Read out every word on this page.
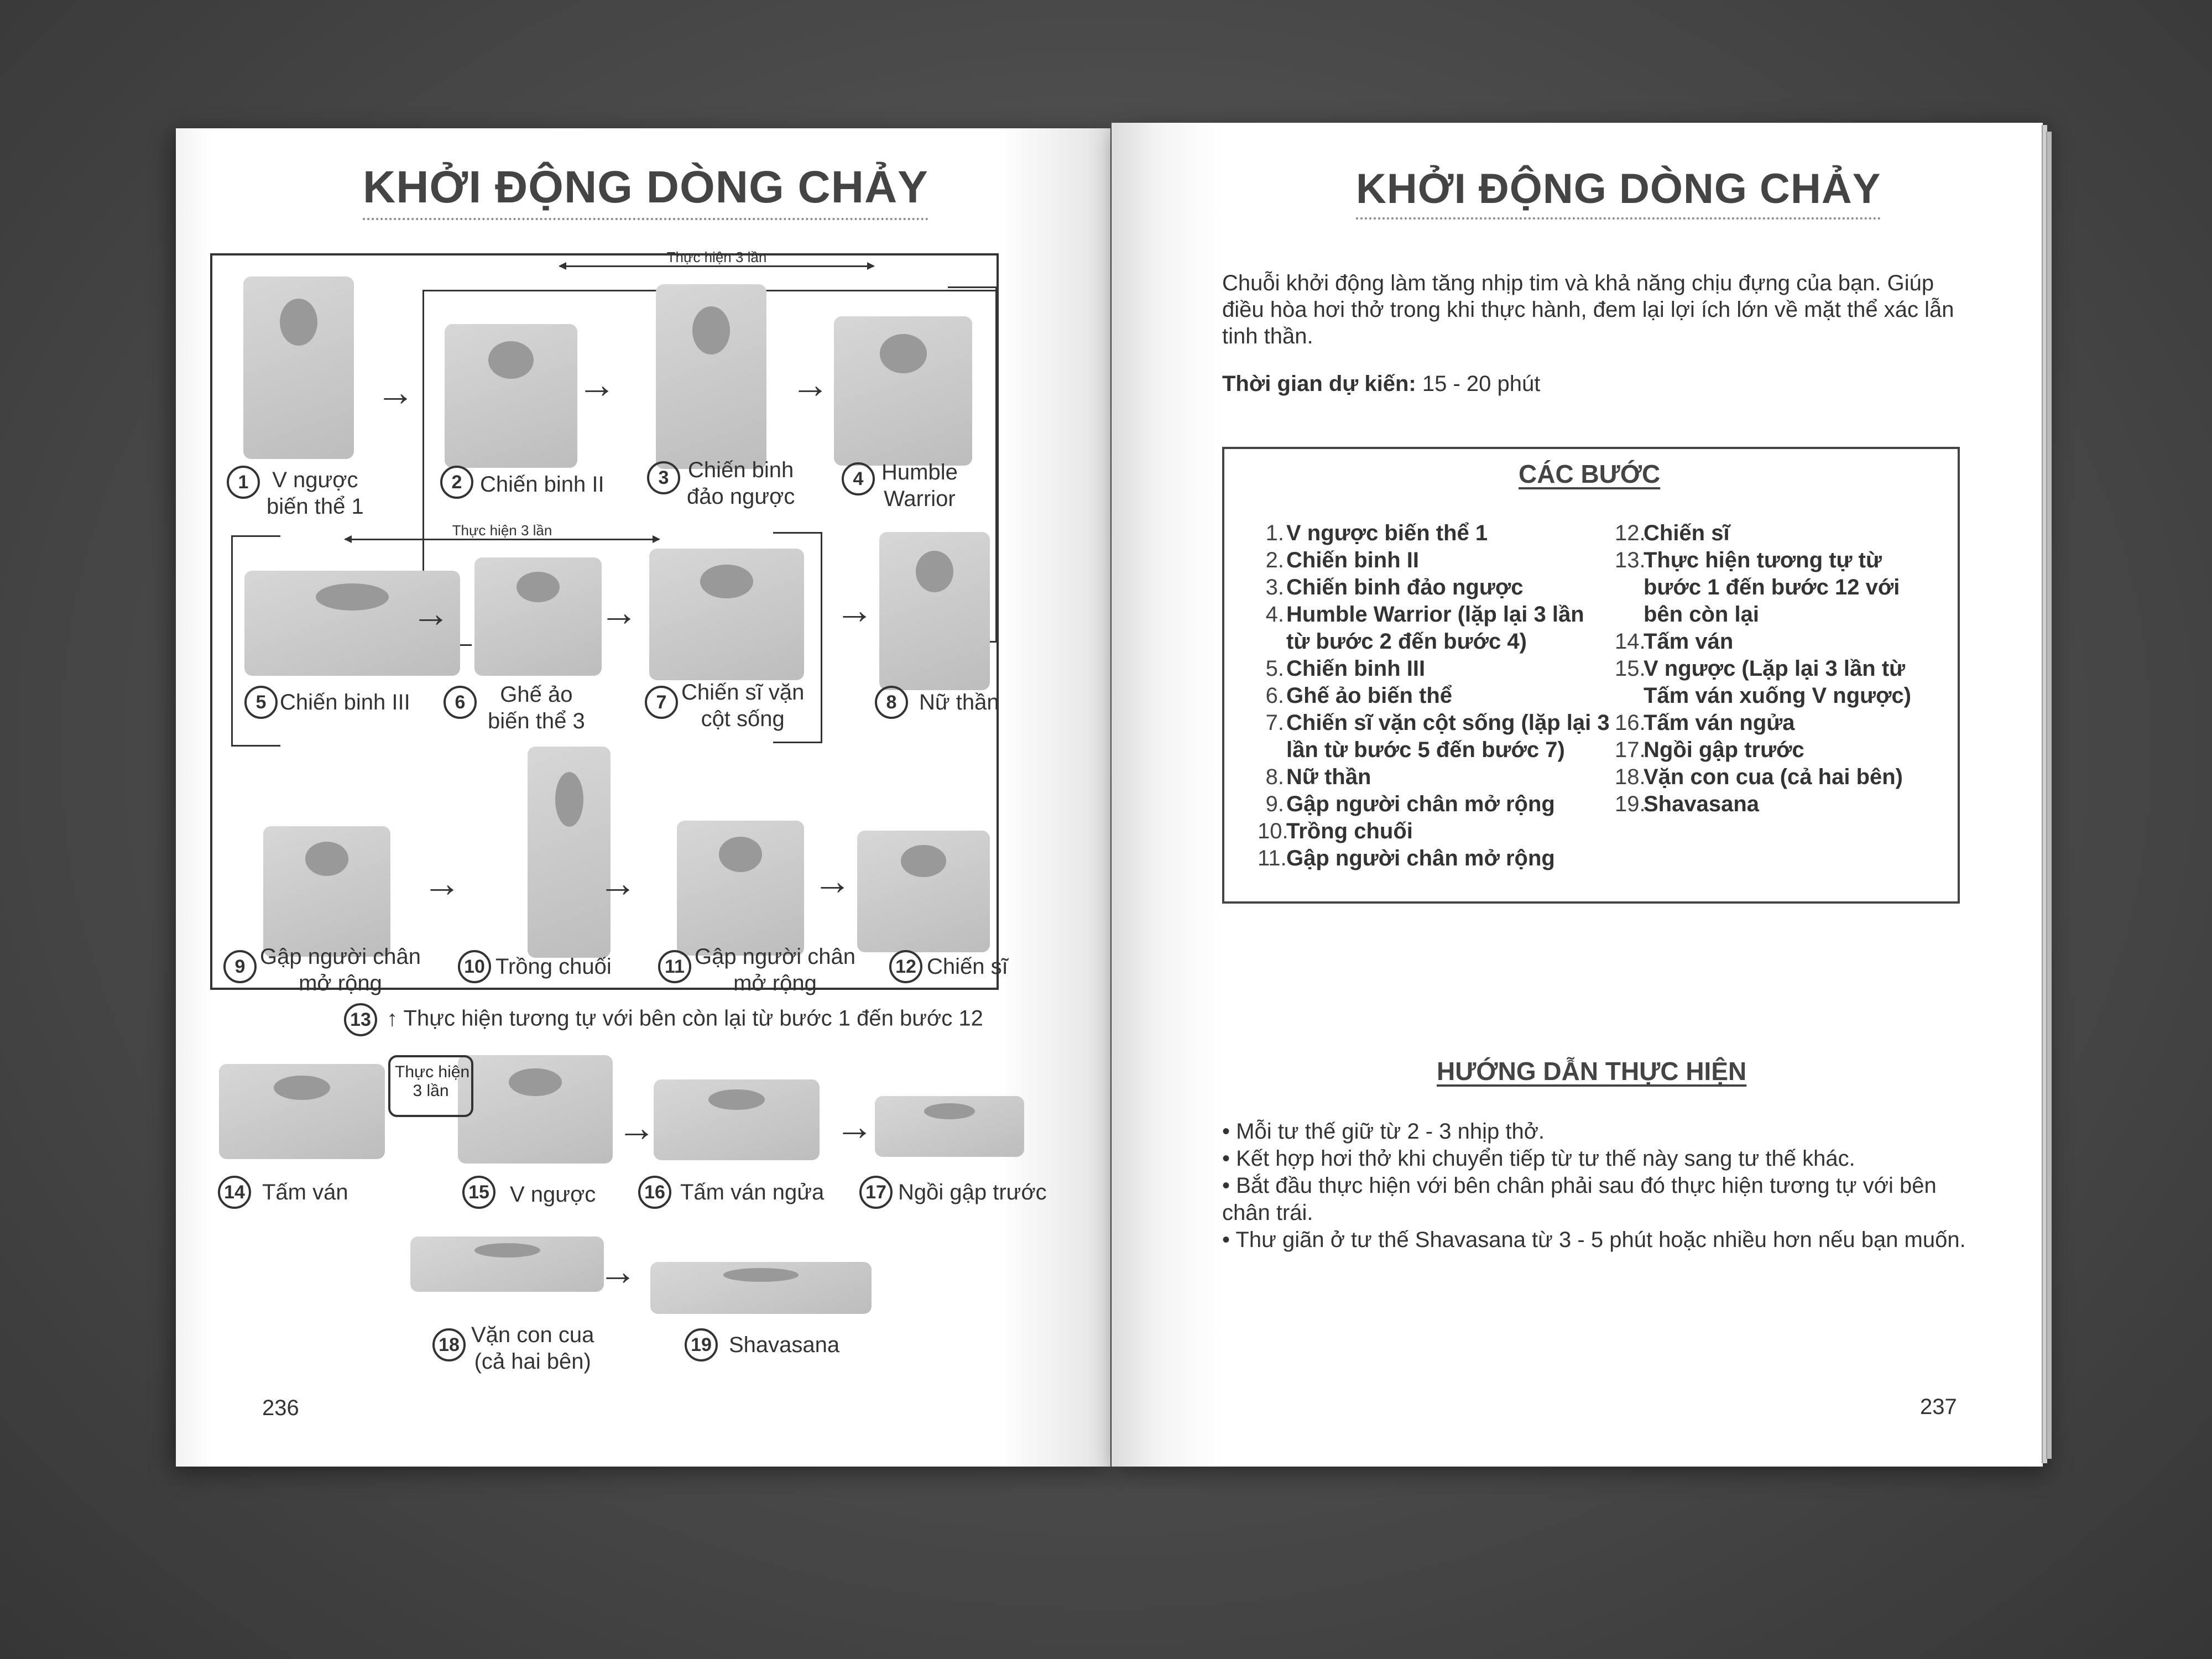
KHỞI ĐỘNG DÒNG CHẢY
Thực hiện 3 lần
Thực hiện 3 lần
→	→	→
→	→	→
→	→	→
→	→
→
1	V ngược
biến thể 1
2 Chiến binh II	3 Chiến binh
đảo ngược
4 Humble
Warrior
5 Chiến binh III	6	Ghế ảo
biến thể 3
7 Chiến sĩ vặn
cột sống
8	Nữ thần
9 Gập người chân
mở rộng
10 Trồng chuối	11 Gập người chân
mở rộng
12 Chiến sĩ
13 ↑ Thực hiện tương tự với bên còn lại từ bước 1 đến bước 12
Thực hiện
3 lần
14 Tấm ván	15 V ngược	16 Tấm ván ngửa	17 Ngồi gập trước
18 Vặn con cua
(cả hai bên)
19 Shavasana
236
KHỞI ĐỘNG DÒNG CHẢY

Chuỗi khởi động làm tăng nhịp tim và khả năng chịu đựng của bạn. Giúp điều hòa hơi thở trong khi thực hành, đem lại lợi ích lớn về mặt thể xác lẫn tinh thần.

Thời gian dự kiến: 15 - 20 phút
CÁC BƯỚC
1. V ngược biến thể 1
2. Chiến binh II
3. Chiến binh đảo ngược
4. Humble Warrior (lặp lại 3 lần từ bước 2 đến bước 4)
5. Chiến binh III
6. Ghế ảo biến thể
7. Chiến sĩ vặn cột sống (lặp lại 3 lần từ bước 5 đến bước 7)
8. Nữ thần
9. Gập người chân mở rộng
10.
Trồng chuối
11. Gập người chân mở rộng
12.
Chiến sĩ
13.
Thực hiện tương tự từ bước 1 đến bước 12 với bên còn lại
14.
Tấm ván
15.
V ngược (Lặp lại 3 lần từ Tấm ván xuống V ngược)
16.
Tấm ván ngửa
17.
Ngồi gập trước
18.
Vặn con cua (cả hai bên)
19.
Shavasana
HƯỚNG DẪN THỰC HIỆN
• Mỗi tư thế giữ từ 2 - 3 nhịp thở.
• Kết hợp hơi thở khi chuyển tiếp từ tư thế này sang tư thế khác.
• Bắt đầu thực hiện với bên chân phải sau đó thực hiện tương tự với bên chân trái.
• Thư giãn ở tư thế Shavasana từ 3 - 5 phút hoặc nhiều hơn nếu bạn muốn.
237
